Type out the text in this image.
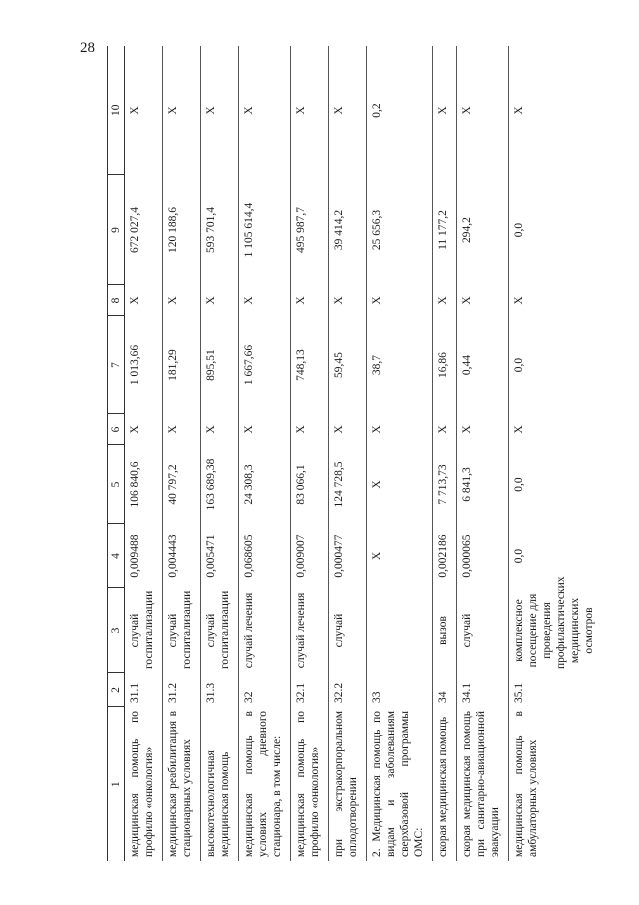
28
1	2	3	4	5	6	7	8	9	10
медицинская помощь по профилю «онкология»	31.1	случай госпитализации	0,009488	106 840,6	X	1 013,66	X	672 027,4	X
медицинская реабилитация в стационарных условиях	31.2	случай госпитализации	0,004443	40 797,2	X	181,29	X	120 188,6	X
высокотехнологичная медицинская помощь	31.3	случай госпитализации	0,005471	163 689,38	X	895,51	X	593 701,4	X
медицинская помощь в условиях дневного стационара, в том числе:	32	случай лечения	0,068605	24 308,3	X	1 667,66	X	1 105 614,4	X
медицинская помощь по профилю «онкология»	32.1	случай лечения	0,009007	83 066,1	X	748,13	X	495 987,7	X
при экстракорпоральном оплодотворении	32.2	случай	0,000477	124 728,5	X	59,45	X	39 414,2	X
2. Медицинская помощь по видам и заболеваниям сверхбазовой программы ОМС:	33		X	X	X	38,7	X	25 656,3	0,2
скорая медицинская помощь	34	вызов	0,002186	7 713,73	X	16,86	X	11 177,2	X
скорая медицинская помощь при санитарно-авиационной эвакуации	34.1	случай	0,000065	6 841,3	X	0,44	X	294,2	X
медицинская помощь в амбулаторных условиях	35.1	комплексное посещение для проведения профилактических медицинских осмотров	0,0	0,0	X	0,0	X	0,0	X
